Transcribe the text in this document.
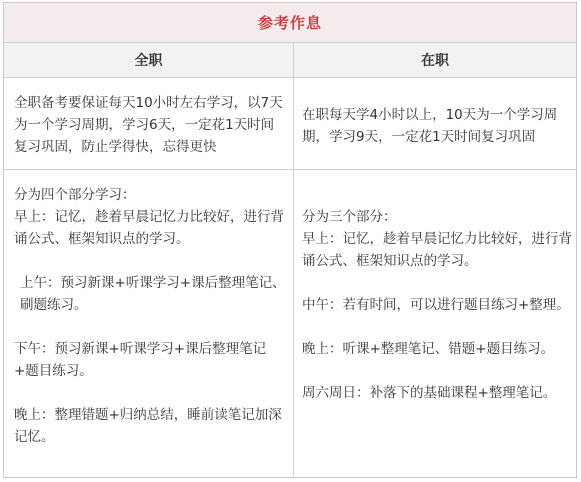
参考作息
全职	在职

全职备考要保证每天10小时左右学习，以7天为一个学习周期，学习6天，一定花1天时间复习巩固，防止学得快，忘得更快

在职每天学4小时以上，10天为一个学习周期，学习9天，一定花1天时间复习巩固

分为四个部分学习：

早上：记忆，趁着早晨记忆力比较好，进行背诵公式、框架知识点的学习。

上午：预习新课+听课学习+课后整理笔记、刷题练习。

下午：预习新课+听课学习+课后整理笔记+题目练习。

晚上：整理错题+归纳总结，睡前读笔记加深记忆。

分为三个部分：

早上：记忆，趁着早晨记忆力比较好，进行背诵公式、框架知识点的学习。

中午：若有时间，可以进行题目练习+整理。

晚上：听课+整理笔记、错题+题目练习。

周六周日：补落下的基础课程+整理笔记。
